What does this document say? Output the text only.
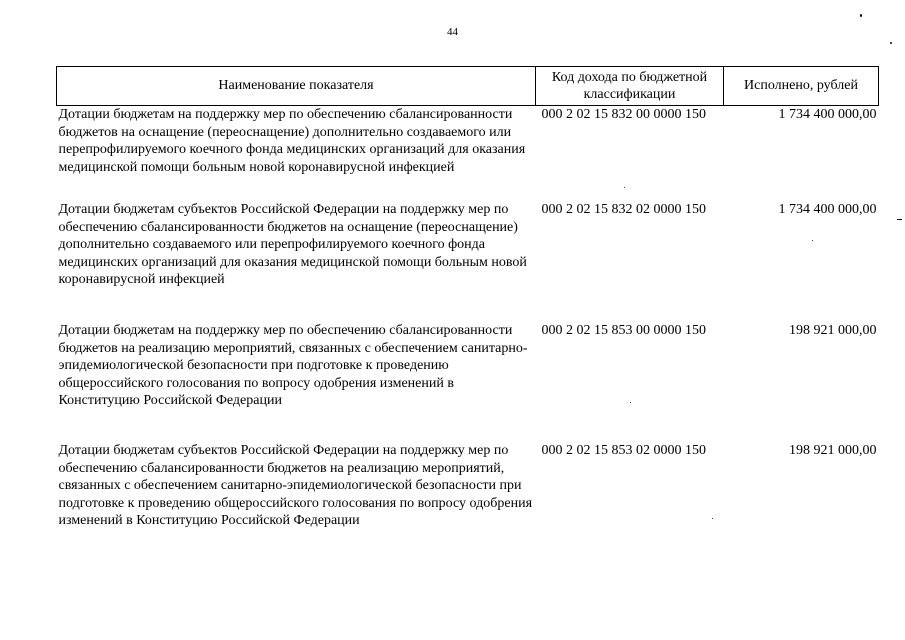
44
Наименование показателя	Код дохода по бюджетной классификации	Исполнено, рублей
Дотации бюджетам на поддержку мер по обеспечению сбалансированности бюджетов на оснащение (переоснащение) дополнительно создаваемого или перепрофилируемого коечного фонда медицинских организаций для оказания медицинской помощи больным новой коронавирусной инфекцией	000 2 02 15 832 00 0000 150	1 734 400 000,00
Дотации бюджетам субъектов Российской Федерации на поддержку мер по обеспечению сбалансированности бюджетов на оснащение (переоснащение) дополнительно создаваемого или перепрофилируемого коечного фонда медицинских организаций для оказания медицинской помощи больным новой коронавирусной инфекцией	000 2 02 15 832 02 0000 150	1 734 400 000,00
Дотации бюджетам на поддержку мер по обеспечению сбалансированности бюджетов на реализацию мероприятий, связанных с обеспечением санитарно-эпидемиологической безопасности при подготовке к проведению общероссийского голосования по вопросу одобрения изменений в Конституцию Российской Федерации	000 2 02 15 853 00 0000 150	198 921 000,00
Дотации бюджетам субъектов Российской Федерации на поддержку мер по обеспечению сбалансированности бюджетов на реализацию мероприятий, связанных с обеспечением санитарно-эпидемиологической безопасности при подготовке к проведению общероссийского голосования по вопросу одобрения изменений в Конституцию Российской Федерации	000 2 02 15 853 02 0000 150	198 921 000,00
